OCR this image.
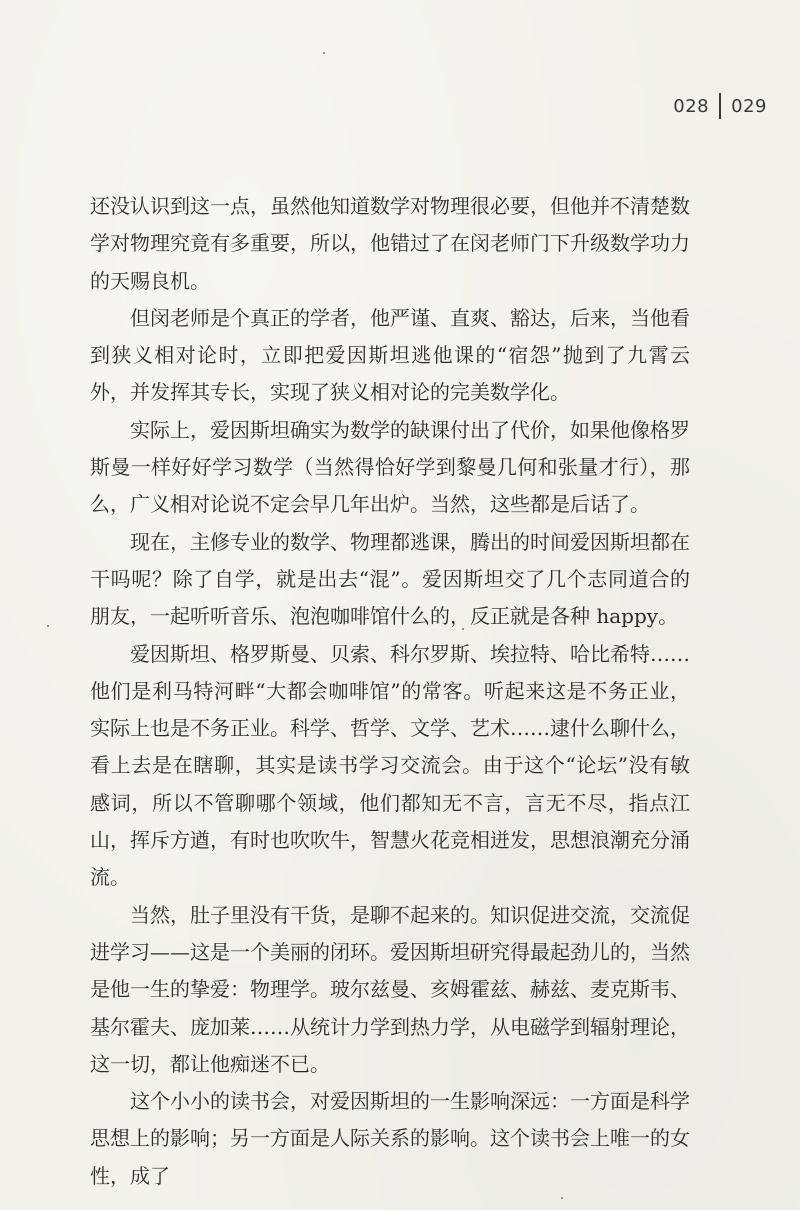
028 029

还没认识到这一点，虽然他知道数学对物理很必要，但他并不清楚数学对物理究竟有多重要，所以，他错过了在闵老师门下升级数学功力的天赐良机。

但闵老师是个真正的学者，他严谨、直爽、豁达，后来，当他看到狭义相对论时，立即把爱因斯坦逃他课的“宿怨”抛到了九霄云外，并发挥其专长，实现了狭义相对论的完美数学化。

实际上，爱因斯坦确实为数学的缺课付出了代价，如果他像格罗斯曼一样好好学习数学（当然得恰好学到黎曼几何和张量才行），那么，广义相对论说不定会早几年出炉。当然，这些都是后话了。

现在，主修专业的数学、物理都逃课，腾出的时间爱因斯坦都在干吗呢？除了自学，就是出去“混”。爱因斯坦交了几个志同道合的朋友，一起听听音乐、泡泡咖啡馆什么的，反正就是各种 happy。

爱因斯坦、格罗斯曼、贝索、科尔罗斯、埃拉特、哈比希特……他们是利马特河畔“大都会咖啡馆”的常客。听起来这是不务正业，实际上也是不务正业。科学、哲学、文学、艺术……逮什么聊什么，看上去是在瞎聊，其实是读书学习交流会。由于这个“论坛”没有敏感词，所以不管聊哪个领域，他们都知无不言，言无不尽，指点江山，挥斥方遒，有时也吹吹牛，智慧火花竞相迸发，思想浪潮充分涌流。

当然，肚子里没有干货，是聊不起来的。知识促进交流，交流促进学习——这是一个美丽的闭环。爱因斯坦研究得最起劲儿的，当然是他一生的挚爱：物理学。玻尔兹曼、亥姆霍兹、赫兹、麦克斯韦、基尔霍夫、庞加莱……从统计力学到热力学，从电磁学到辐射理论，这一切，都让他痴迷不已。

这个小小的读书会，对爱因斯坦的一生影响深远：一方面是科学思想上的影响；另一方面是人际关系的影响。这个读书会上唯一的女性，成了
